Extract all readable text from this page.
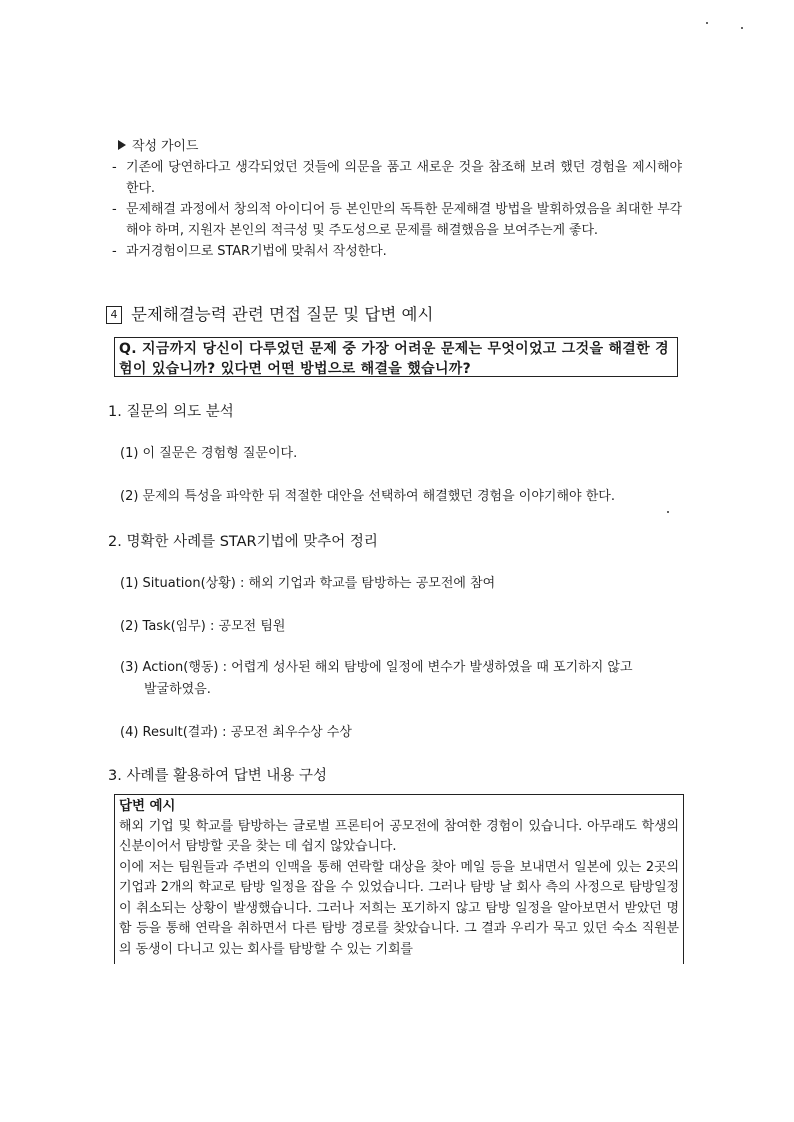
작성 가이드
- 기존에 당연하다고 생각되었던 것들에 의문을 품고 새로운 것을 참조해 보려 했던 경험을 제시해야 한다.
- 문제해결 과정에서 창의적 아이디어 등 본인만의 독특한 문제해결 방법을 발휘하였음을 최대한 부각해야 하며, 지원자 본인의 적극성 및 주도성으로 문제를 해결했음을 보여주는게 좋다.
- 과거경험이므로 STAR기법에 맞춰서 작성한다.
4 문제해결능력 관련 면접 질문 및 답변 예시
Q. 지금까지 당신이 다루었던 문제 중 가장 어려운 문제는 무엇이었고 그것을 해결한 경험이 있습니까? 있다면 어떤 방법으로 해결을 했습니까?
1. 질문의 의도 분석
(1) 이 질문은 경험형 질문이다.
(2) 문제의 특성을 파악한 뒤 적절한 대안을 선택하여 해결했던 경험을 이야기해야 한다.
2. 명확한 사례를 STAR기법에 맞추어 정리
(1) Situation(상황) : 해외 기업과 학교를 탐방하는 공모전에 참여
(2) Task(임무) : 공모전 팀원
(3) Action(행동) : 어렵게 성사된 해외 탐방에 일정에 변수가 발생하였을 때 포기하지 않고
발굴하였음.
(4) Result(결과) : 공모전 최우수상 수상
3. 사례를 활용하여 답변 내용 구성
답변 예시

해외 기업 및 학교를 탐방하는 글로벌 프론티어 공모전에 참여한 경험이 있습니다. 아무래도 학생의 신분이어서 탐방할 곳을 찾는 데 쉽지 않았습니다.

이에 저는 팀원들과 주변의 인맥을 통해 연락할 대상을 찾아 메일 등을 보내면서 일본에 있는 2곳의 기업과 2개의 학교로 탐방 일정을 잡을 수 있었습니다. 그러나 탐방 날 회사 측의 사정으로 탐방일정이 취소되는 상황이 발생했습니다. 그러나 저희는 포기하지 않고 탐방 일정을 알아보면서 받았던 명함 등을 통해 연락을 취하면서 다른 탐방 경로를 찾았습니다. 그 결과 우리가 묵고 있던 숙소 직원분의 동생이 다니고 있는 회사를 탐방할 수 있는 기회를
